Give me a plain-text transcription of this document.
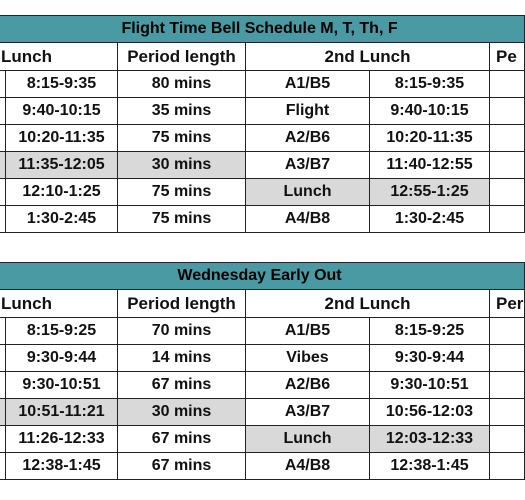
Flight Time Bell Schedule M, T, Th, F					
Lunch		Period length	2nd Lunch		Pe
	8:15-9:35	80 mins	A1/B5	8:15-9:35	
	9:40-10:15	35 mins	Flight	9:40-10:15	
	10:20-11:35	75 mins	A2/B6	10:20-11:35	
	11:35-12:05	30 mins	A3/B7	11:40-12:55	
	12:10-1:25	75 mins	Lunch	12:55-1:25	
	1:30-2:45	75 mins	A4/B8	1:30-2:45	
Wednesday Early Out					
Lunch		Period length	2nd Lunch		Per
	8:15-9:25	70 mins	A1/B5	8:15-9:25	
	9:30-9:44	14 mins	Vibes	9:30-9:44	
	9:30-10:51	67 mins	A2/B6	9:30-10:51	
	10:51-11:21	30 mins	A3/B7	10:56-12:03	
	11:26-12:33	67 mins	Lunch	12:03-12:33	
	12:38-1:45	67 mins	A4/B8	12:38-1:45	
